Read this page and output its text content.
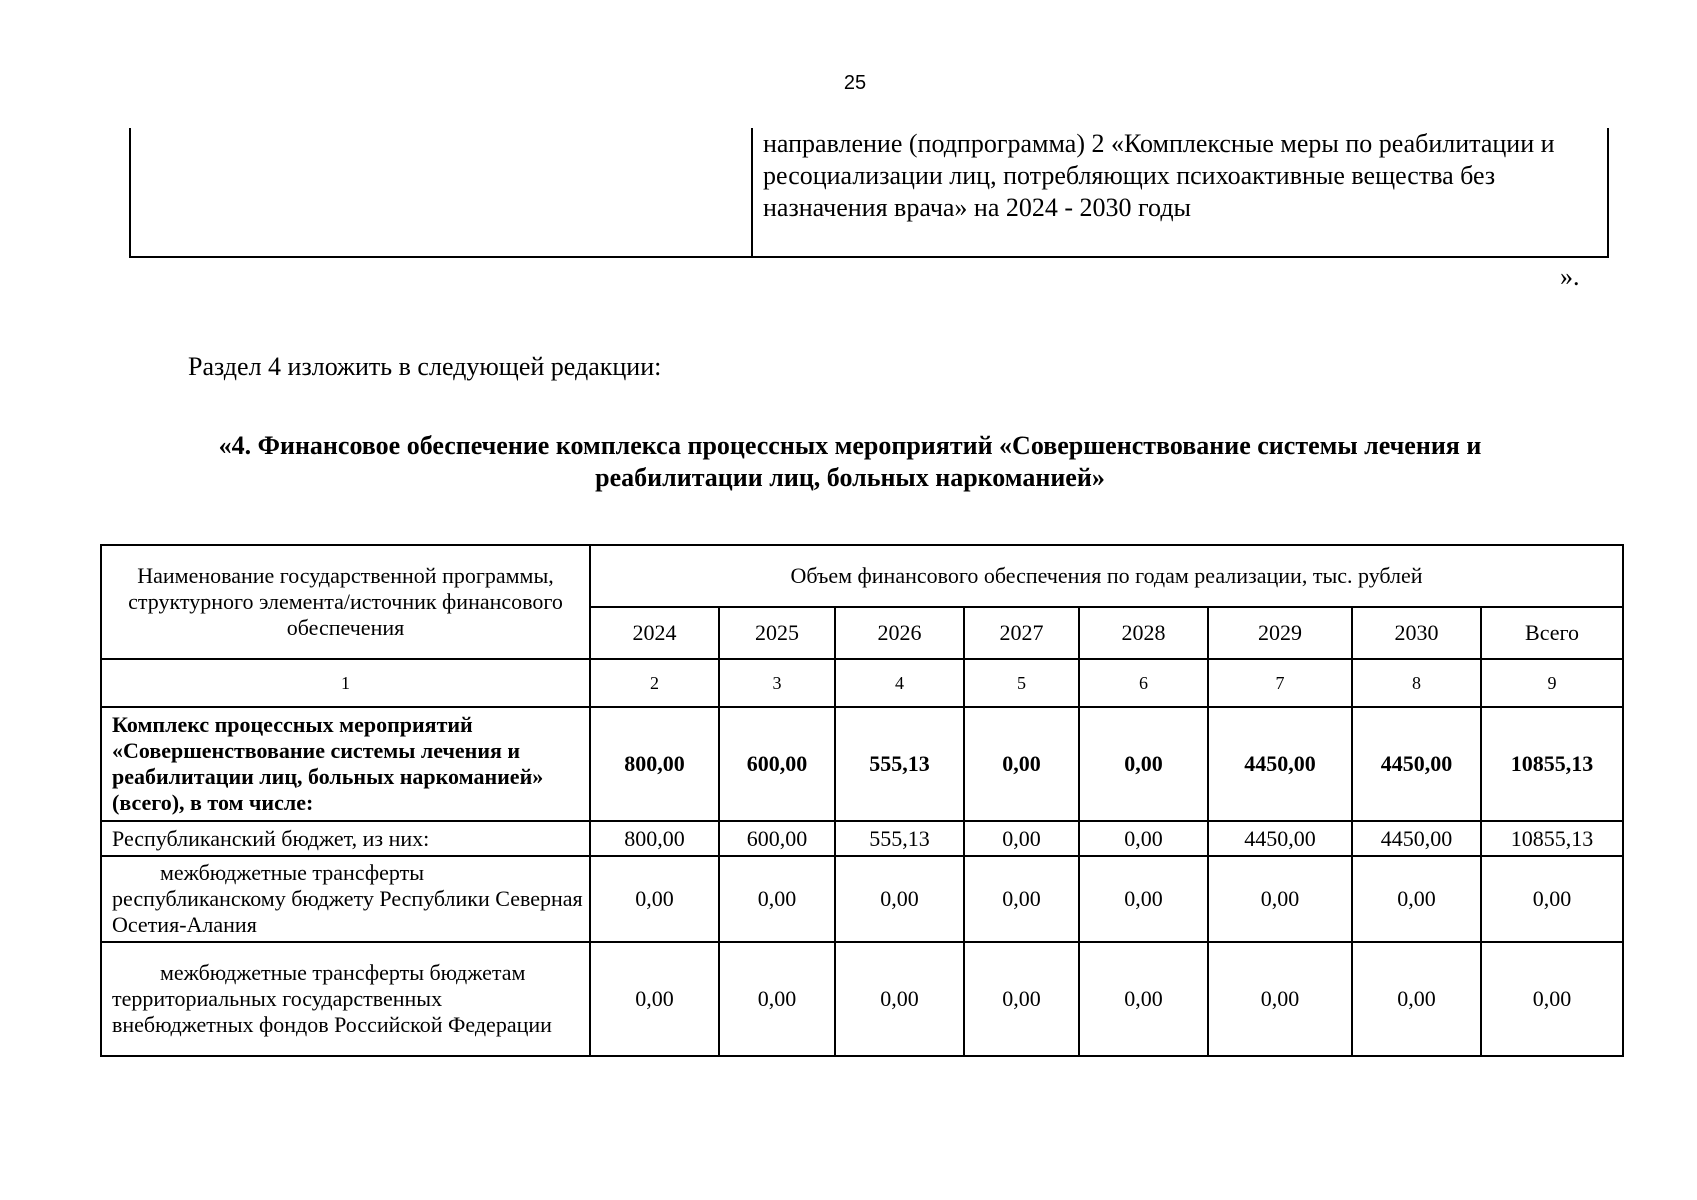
25
направление (подпрограмма) 2 «Комплексные меры по реабилитации и ресоциализации лиц, потребляющих психоактивные вещества без назначения врача» на 2024 - 2030 годы
».
Раздел 4 изложить в следующей редакции:
«4. Финансовое обеспечение комплекса процессных мероприятий «Совершенствование системы лечения и
реабилитации лиц, больных наркоманией»
Наименование государственной программы, структурного элемента/источник финансового обеспечения	Объем финансового обеспечения по годам реализации, тыс. рублей							
	2024	2025	2026	2027	2028	2029	2030	Всего
1	2	3	4	5	6	7	8	9
Комплекс процессных мероприятий «Совершенствование системы лечения и реабилитации лиц, больных наркоманией» (всего), в том числе:	800,00	600,00	555,13	0,00	0,00	4450,00	4450,00	10855,13
Республиканский бюджет, из них:	800,00	600,00	555,13	0,00	0,00	4450,00	4450,00	10855,13
межбюджетные трансферты республиканскому бюджету Республики Северная Осетия-Алания	0,00	0,00	0,00	0,00	0,00	0,00	0,00	0,00
межбюджетные трансферты бюджетам территориальных государственных внебюджетных фондов Российской Федерации	0,00	0,00	0,00	0,00	0,00	0,00	0,00	0,00
